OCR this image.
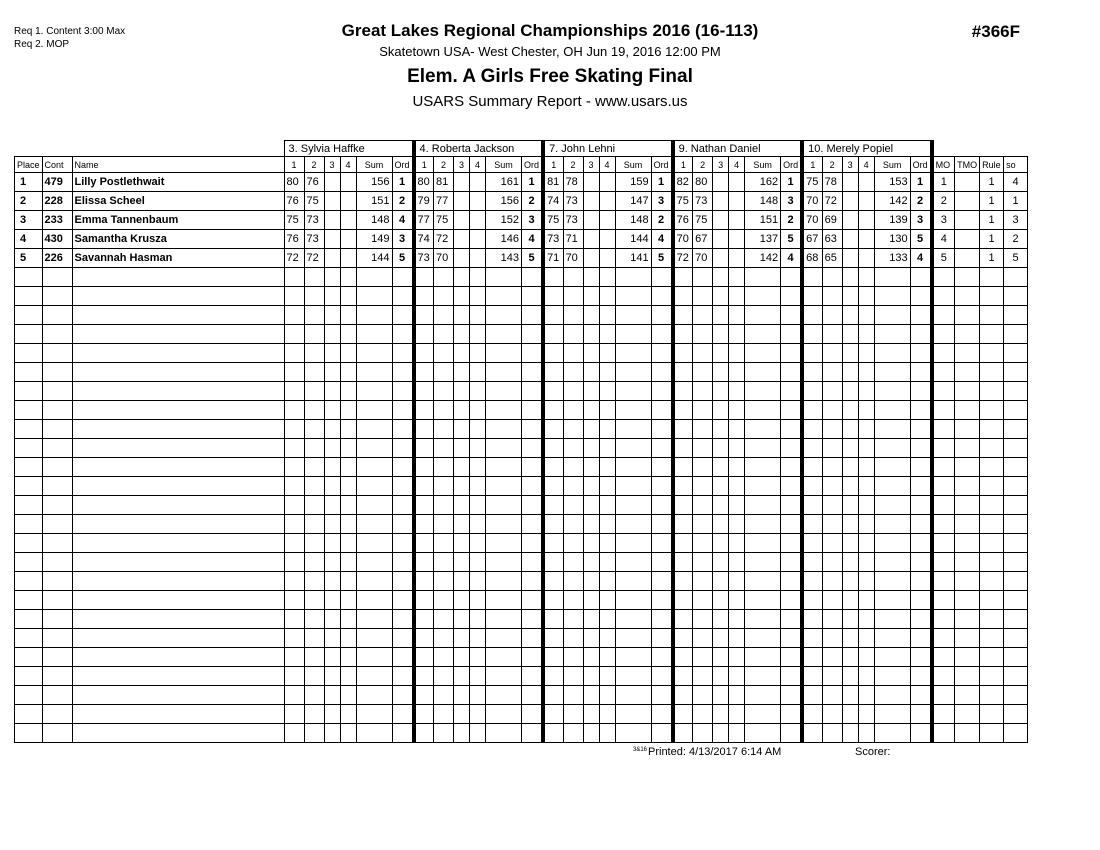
Req 1. Content 3:00 Max
Req 2. MOP
#366F
Great Lakes Regional Championships 2016 (16-113)
Skatetown USA- West Chester, OH Jun 19, 2016 12:00 PM
Elem. A Girls Free Skating Final
USARS Summary Report - www.usars.us
			3. Sylvia Haffke						4. Roberta Jackson						7. John Lehni						9. Nathan Daniel						10. Merely Popiel									
Place	Cont	Name	1	2	3	4	Sum	Ord	1	2	3	4	Sum	Ord	1	2	3	4	Sum	Ord	1	2	3	4	Sum	Ord	1	2	3	4	Sum	Ord	MO	TMO	Rule	so
1	479	Lilly Postlethwait	80	76			156	1	80	81			161	1	81	78			159	1	82	80			162	1	75	78			153	1	1		1	4
2	228	Elissa Scheel	76	75			151	2	79	77			156	2	74	73			147	3	75	73			148	3	70	72			142	2	2		1	1
3	233	Emma Tannenbaum	75	73			148	4	77	75			152	3	75	73			148	2	76	75			151	2	70	69			139	3	3		1	3
4	430	Samantha Krusza	76	73			149	3	74	72			146	4	73	71			144	4	70	67			137	5	67	63			130	5	4		1	2
5	226	Savannah Hasman	72	72			144	5	73	70			143	5	71	70			141	5	72	70			142	4	68	65			133	4	5		1	5

3&16 Printed: 4/13/2017 6:14 AM	Scorer:
